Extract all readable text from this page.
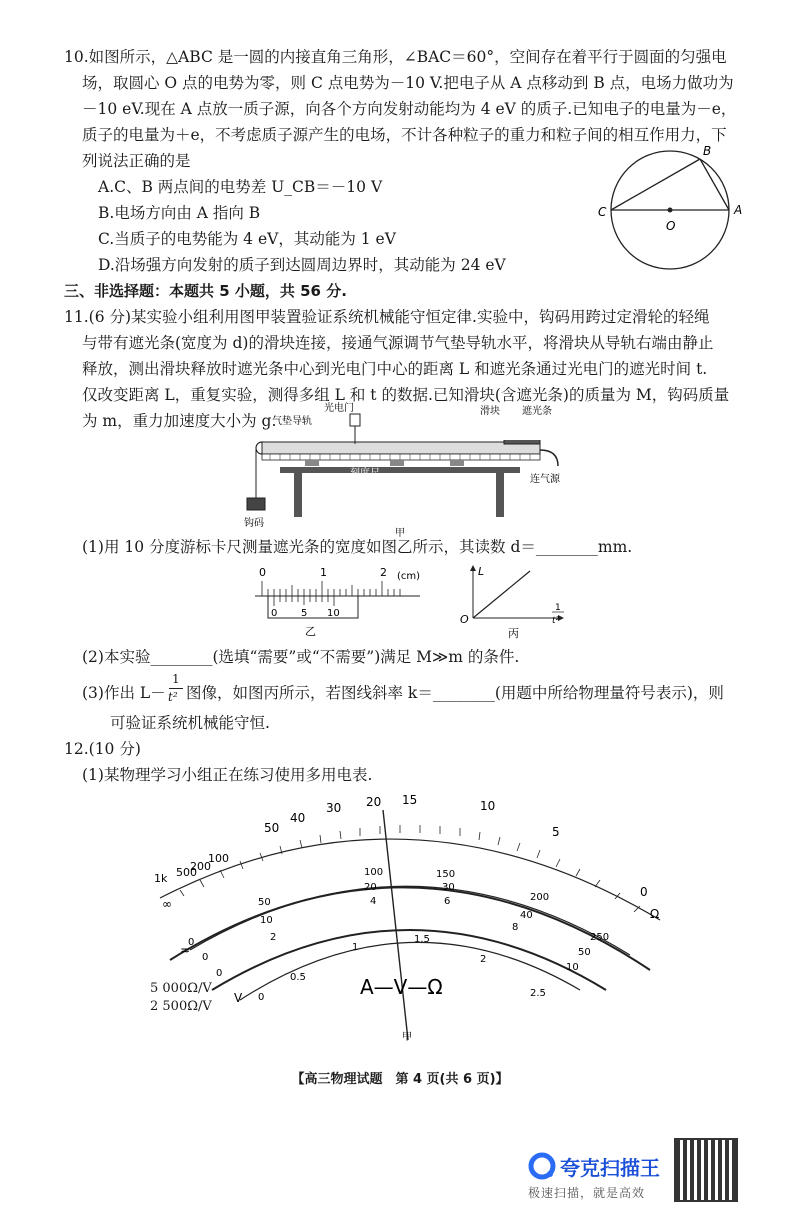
10.如图所示，△ABC 是一圆的内接直角三角形，∠BAC＝60°，空间存在着平行于圆面的匀强电
场，取圆心 O 点的电势为零，则 C 点电势为－10 V.把电子从 A 点移动到 B 点，电场力做功为
－10 eV.现在 A 点放一质子源，向各个方向发射动能均为 4 eV 的质子.已知电子的电量为－e，
质子的电量为＋e，不考虑质子源产生的电场，不计各种粒子的重力和粒子间的相互作用力，下
列说法正确的是
A.C、B 两点间的电势差 U_CB＝－10 V
B.电场方向由 A 指向 B
C.当质子的电势能为 4 eV，其动能为 1 eV
D.沿场强方向发射的质子到达圆周边界时，其动能为 24 eV
C
B
A
O
三、非选择题：本题共 5 小题，共 56 分.
11.(6 分)某实验小组利用图甲装置验证系统机械能守恒定律.实验中，钩码用跨过定滑轮的轻绳
与带有遮光条(宽度为 d)的滑块连接，接通气源调节气垫导轨水平，将滑块从导轨右端由静止
释放，测出滑块释放时遮光条中心到光电门中心的距离 L 和遮光条通过光电门的遮光时间 t.
仅改变距离 L，重复实验，测得多组 L 和 t 的数据.已知滑块(含遮光条)的质量为 M，钩码质量
为 m，重力加速度大小为 g.
钩码
连气源
刻度尺
甲
光电门
气垫导轨
滑块 遮光条
(1)用 10 分度游标卡尺测量遮光条的宽度如图乙所示，其读数 d＝________mm.
0	1	2 (cm)
0 5 10
乙
L
O
1
t²
丙
(2)本实验________(选填“需要”或“不需要”)满足 M≫m 的条件.
(3)作出 L－
1
t² 图像，如图丙所示，若图线斜率 k＝________(用题中所给物理量符号表示)，则
可验证系统机械能守恒.
12.(10 分)
(1)某物理学习小组正在练习使用多用电表.
∞
1k 500
200
100
50
40
30 20 15	10
5
0
Ω
0
50
100	150
200
250
0
10
20	30
40
50
0
2
4	6
8
10
0
0.5
1
1.5
2
2.5
≂
V	A—V—Ω
甲
5 000Ω/V
2 500Ω/V
【高三物理试题　第 4 页(共 6 页)】
夸克扫描王
极速扫描，就是高效
